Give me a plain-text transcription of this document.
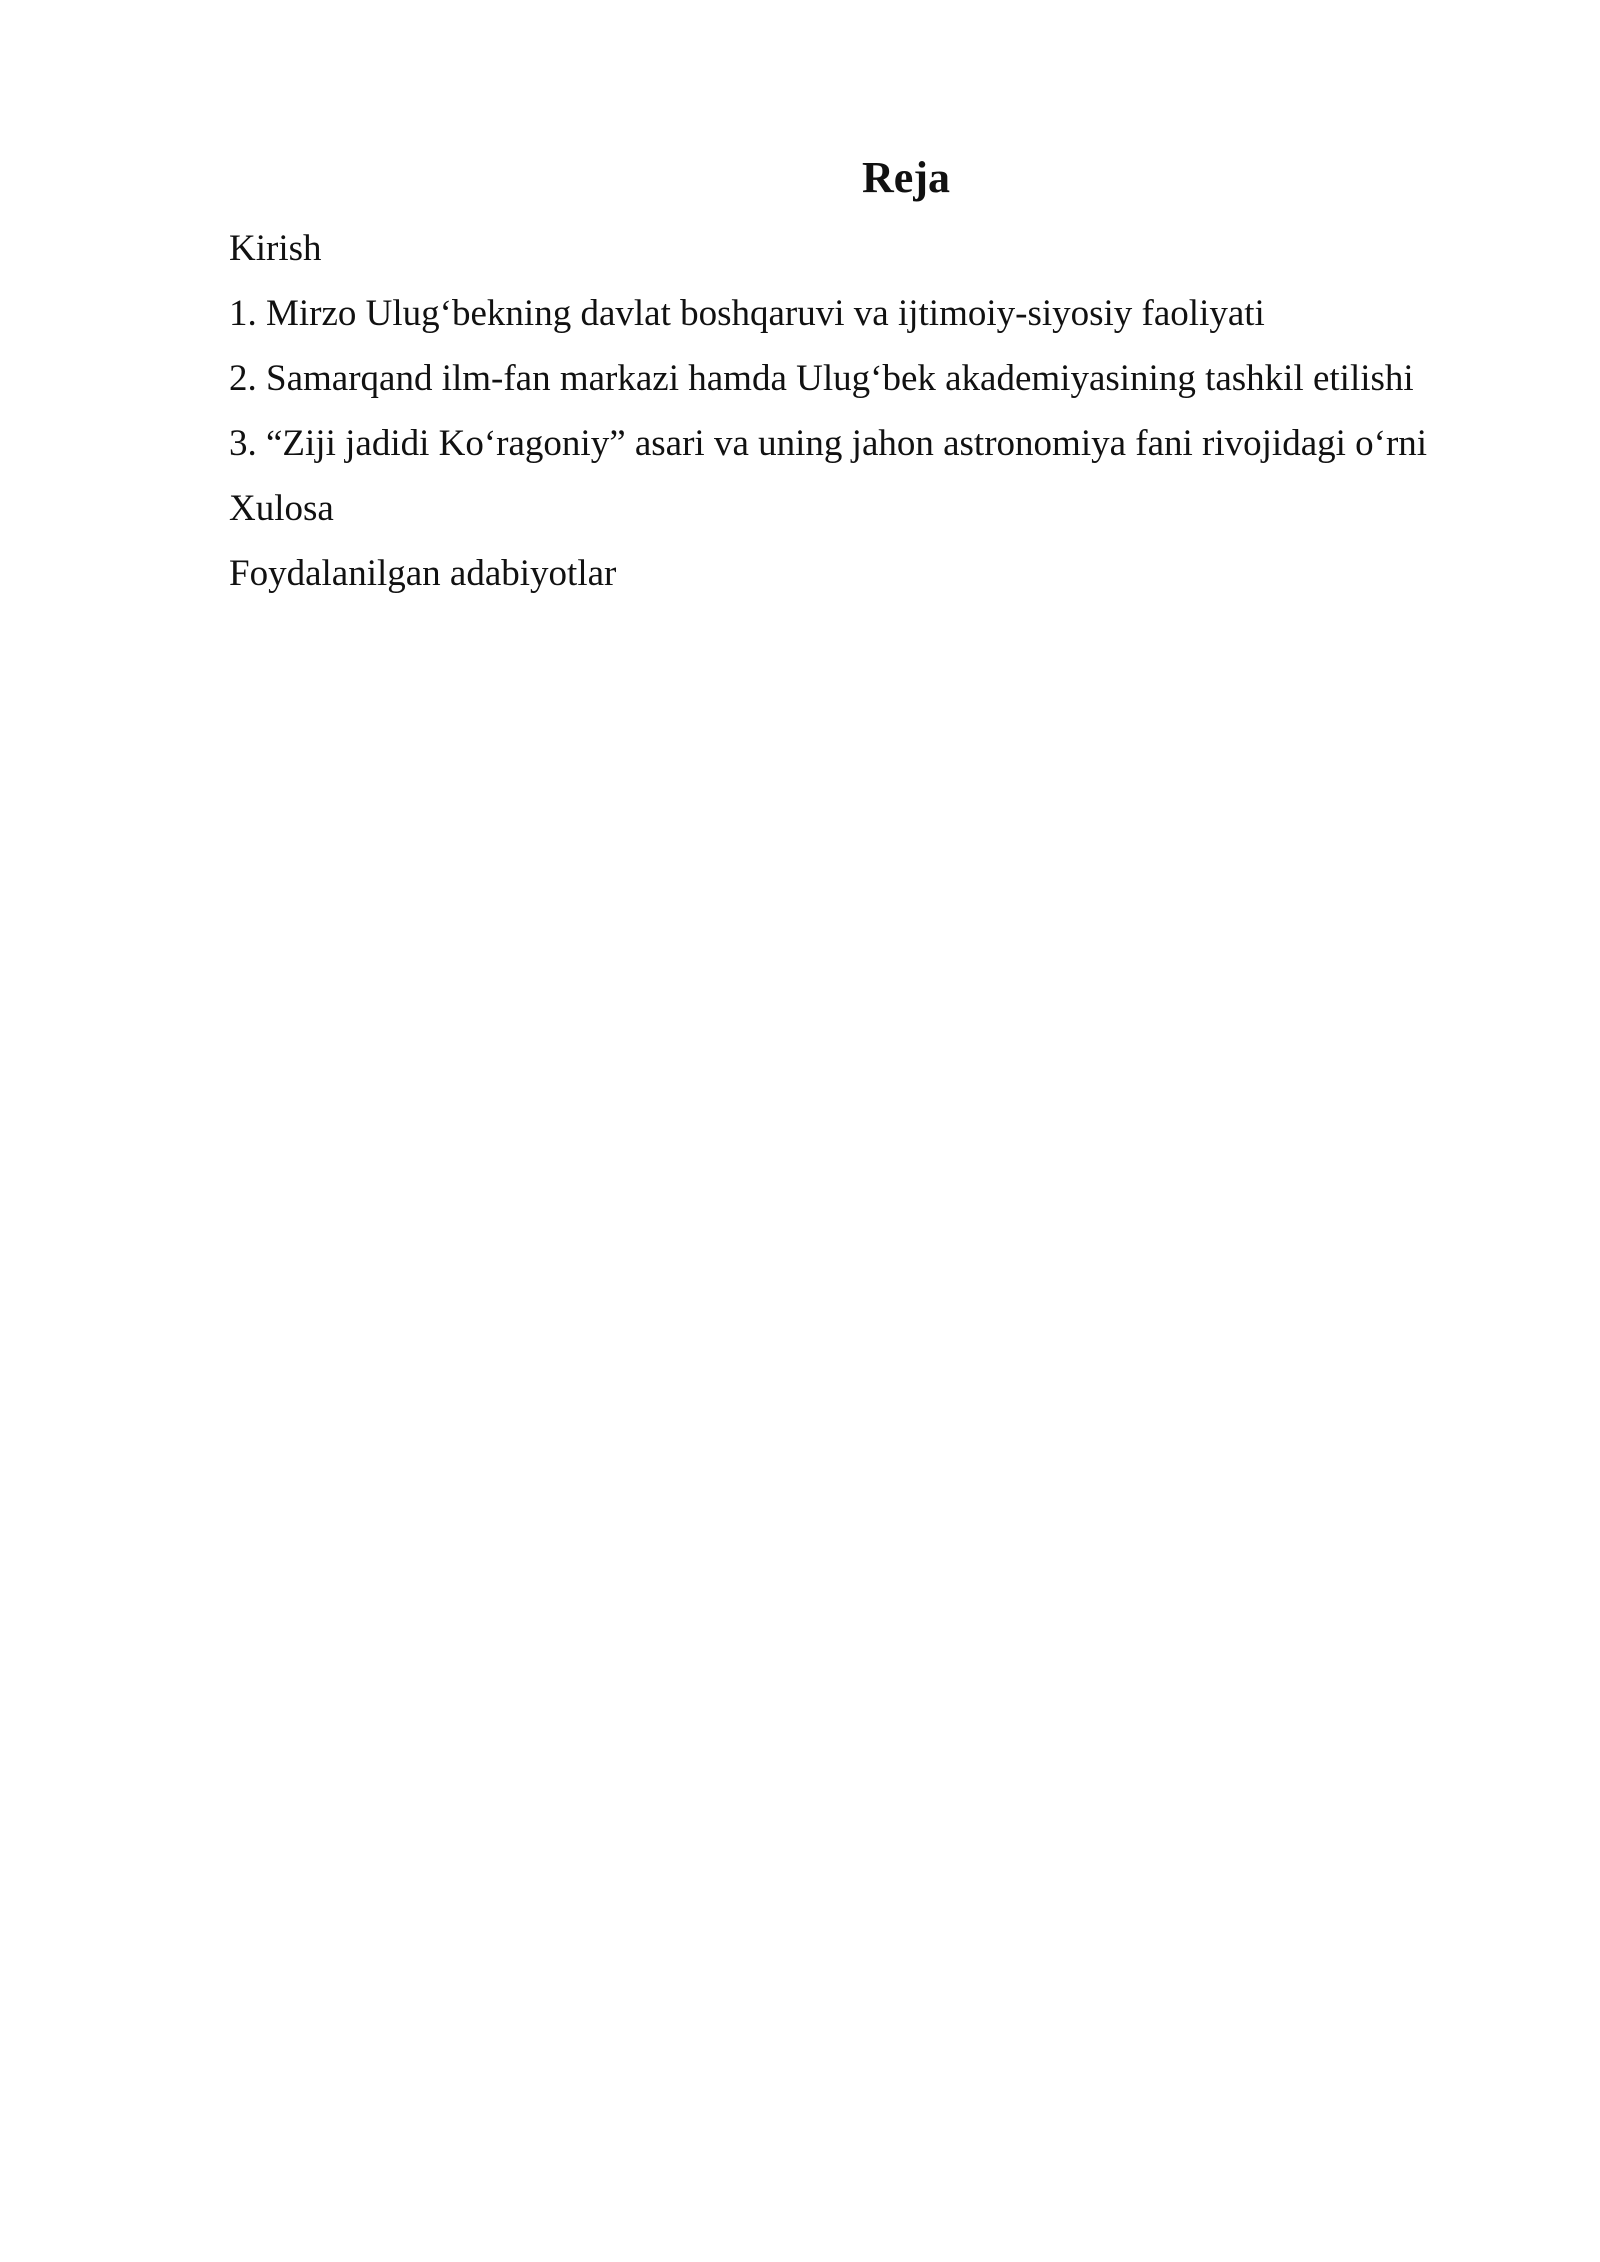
Reja
Kirish
1. Mirzo Ulug‘bekning davlat boshqaruvi va ijtimoiy-siyosiy faoliyati
2. Samarqand ilm-fan markazi hamda Ulug‘bek akademiyasining tashkil etilishi
3. “Ziji jadidi Ko‘ragoniy” asari va uning jahon astronomiya fani rivojidagi o‘rni
Xulosa
Foydalanilgan adabiyotlar
